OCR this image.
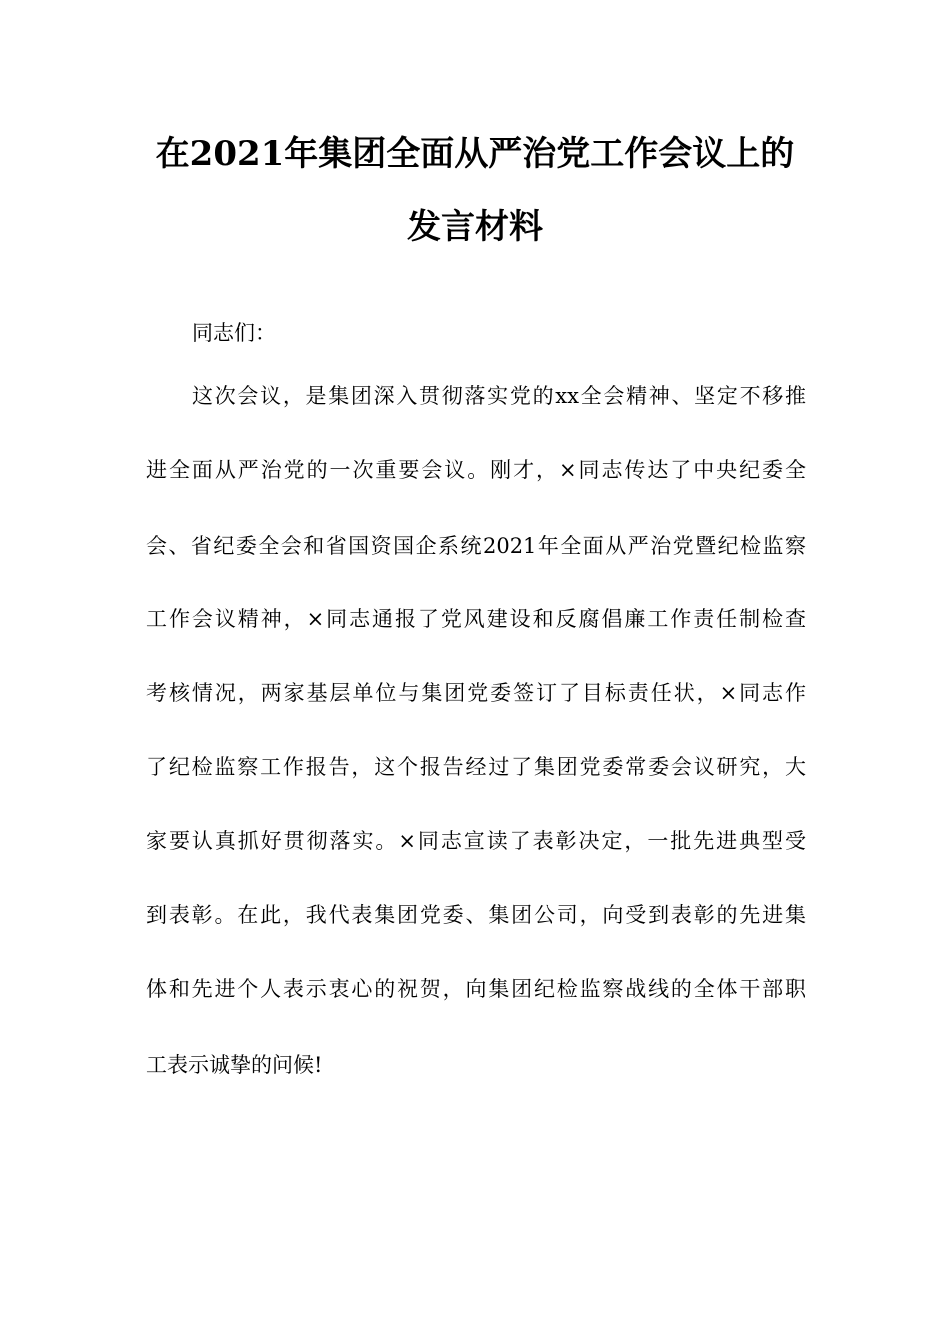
在2021年集团全面从严治党工作会议上的
发言材料

同志们：

这次会议，是集团深入贯彻落实党的xx全会精神、坚定不移推

进全面从严治党的一次重要会议。刚才，×同志传达了中央纪委全

会、省纪委全会和省国资国企系统2021年全面从严治党暨纪检监察

工作会议精神，×同志通报了党风建设和反腐倡廉工作责任制检查

考核情况，两家基层单位与集团党委签订了目标责任状，×同志作

了纪检监察工作报告，这个报告经过了集团党委常委会议研究，大

家要认真抓好贯彻落实。×同志宣读了表彰决定，一批先进典型受

到表彰。在此，我代表集团党委、集团公司，向受到表彰的先进集

体和先进个人表示衷心的祝贺，向集团纪检监察战线的全体干部职

工表示诚挚的问候!
